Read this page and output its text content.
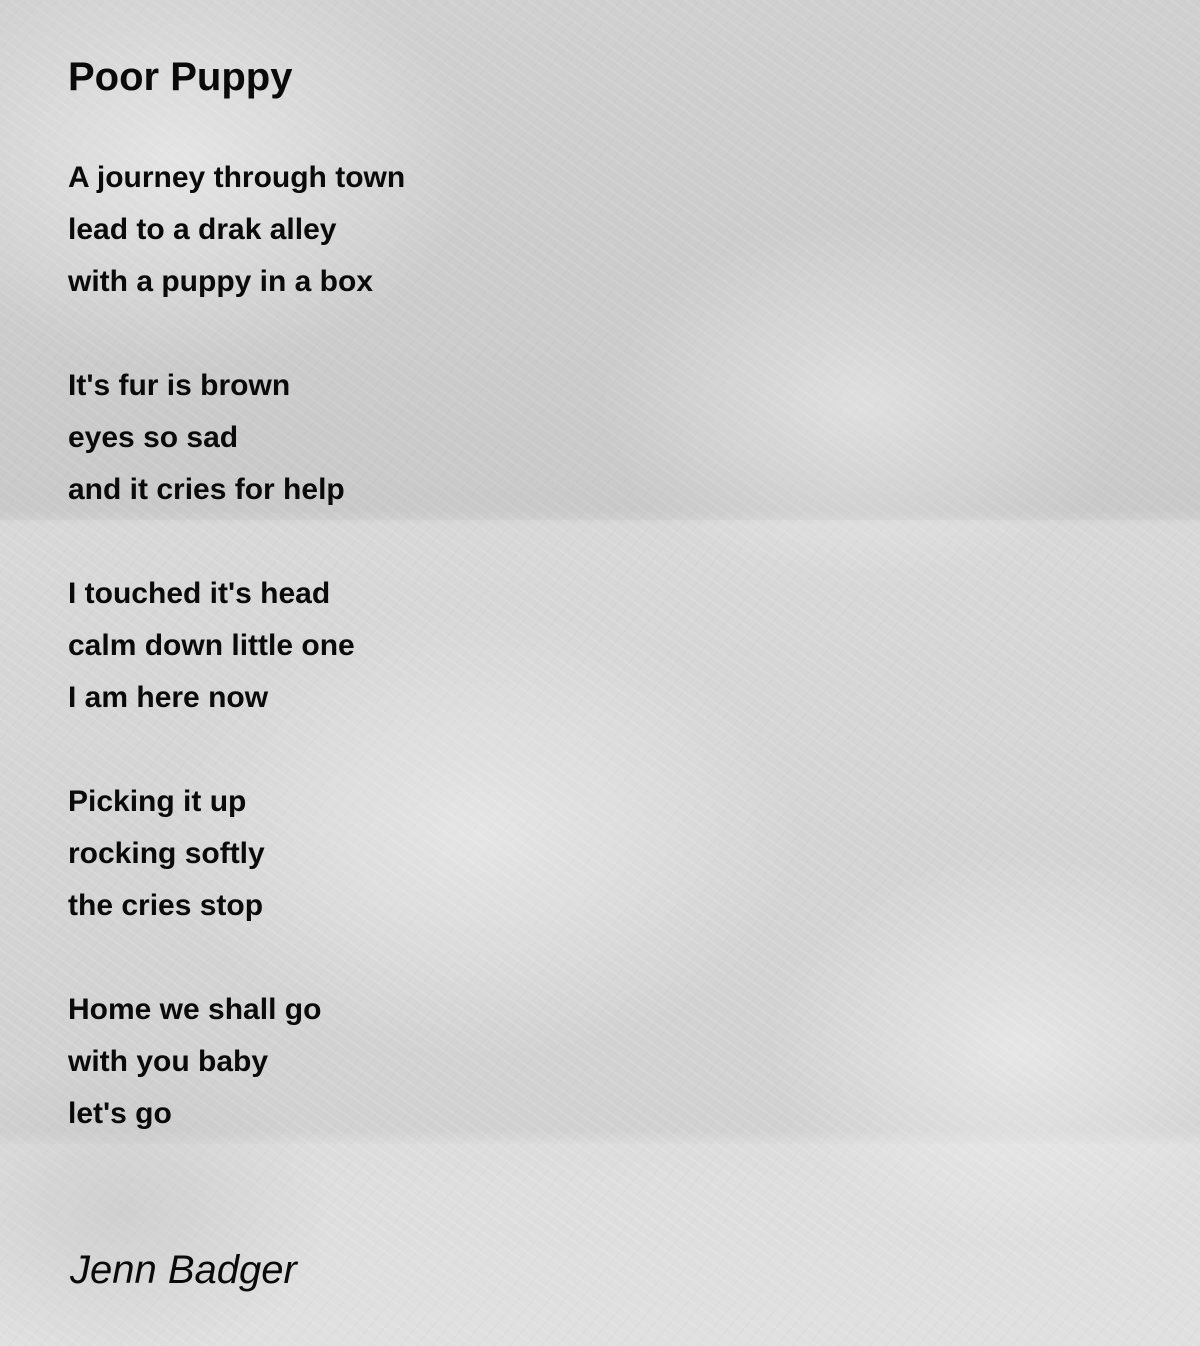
Poor Puppy

A journey through town
lead to a drak alley
with a puppy in a box

It's fur is brown
eyes so sad
and it cries for help

I touched it's head
calm down little one
I am here now

Picking it up
rocking softly
the cries stop

Home we shall go
with you baby
let's go

Jenn Badger
